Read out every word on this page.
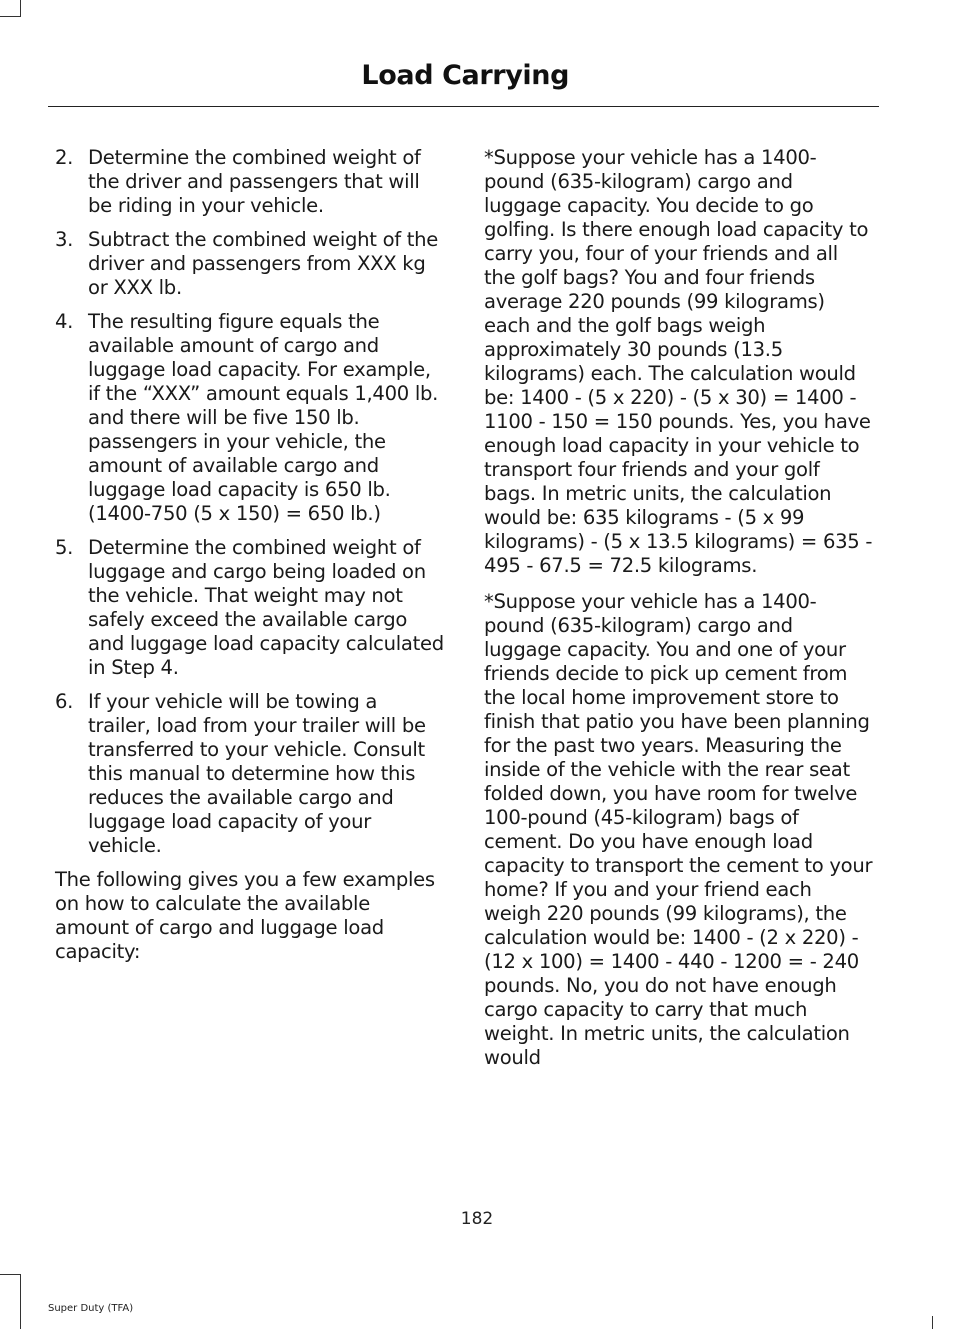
Load Carrying
2. Determine the combined weight of the driver and passengers that will be riding in your vehicle.
3. Subtract the combined weight of the driver and passengers from XXX kg or XXX lb.
4. The resulting figure equals the available amount of cargo and luggage load capacity. For example, if the “XXX” amount equals 1,400 lb. and there will be five 150 lb. passengers in your vehicle, the amount of available cargo and luggage load capacity is 650 lb. (1400-750 (5 x 150) = 650 lb.)
5. Determine the combined weight of luggage and cargo being loaded on the vehicle. That weight may not safely exceed the available cargo and luggage load capacity calculated in Step 4.
6. If your vehicle will be towing a trailer, load from your trailer will be transferred to your vehicle. Consult this manual to determine how this reduces the available cargo and luggage load capacity of your vehicle.

The following gives you a few examples on how to calculate the available amount of cargo and luggage load capacity:

*Suppose your vehicle has a 1400-pound (635-kilogram) cargo and luggage capacity. You decide to go golfing. Is there enough load capacity to carry you, four of your friends and all the golf bags? You and four friends average 220 pounds (99 kilograms) each and the golf bags weigh approximately 30 pounds (13.5 kilograms) each. The calculation would be: 1400 - (5 x 220) - (5 x 30) = 1400 - 1100 - 150 = 150 pounds. Yes, you have enough load capacity in your vehicle to transport four friends and your golf bags. In metric units, the calculation would be: 635 kilograms - (5 x 99 kilograms) - (5 x 13.5 kilograms) = 635 - 495 - 67.5 = 72.5 kilograms.

*Suppose your vehicle has a 1400-pound (635-kilogram) cargo and luggage capacity. You and one of your friends decide to pick up cement from the local home improvement store to finish that patio you have been planning for the past two years. Measuring the inside of the vehicle with the rear seat folded down, you have room for twelve 100-pound (45-kilogram) bags of cement. Do you have enough load capacity to transport the cement to your home? If you and your friend each weigh 220 pounds (99 kilograms), the calculation would be: 1400 - (2 x 220) - (12 x 100) = 1400 - 440 - 1200 = - 240 pounds. No, you do not have enough cargo capacity to carry that much weight. In metric units, the calculation would

182
Super Duty (TFA)
